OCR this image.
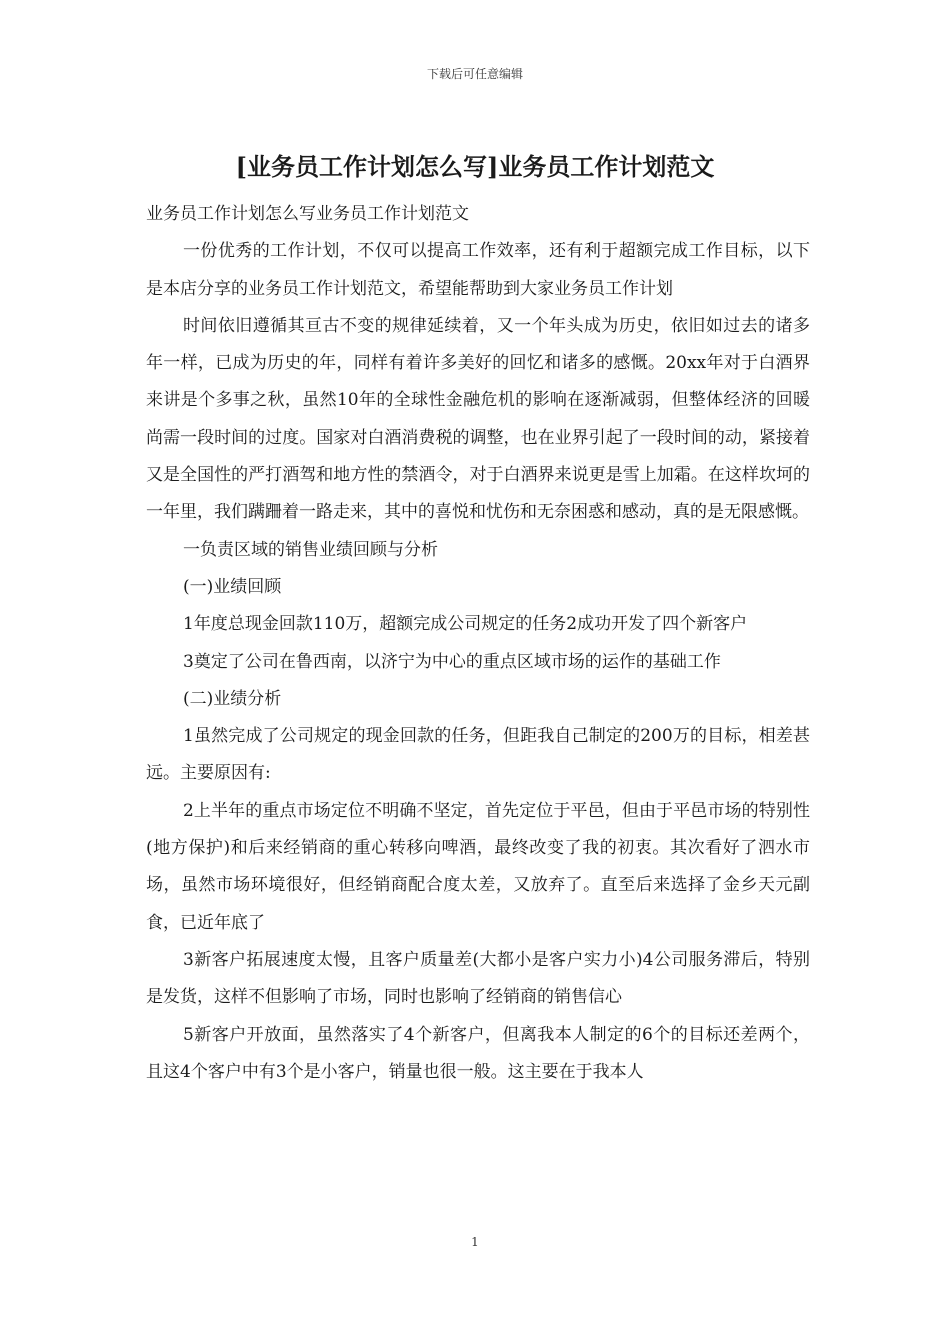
下载后可任意编辑
[业务员工作计划怎么写]业务员工作计划范文

业务员工作计划怎么写业务员工作计划范文

一份优秀的工作计划，不仅可以提高工作效率，还有利于超额完成工作目标，以下是本店分享的业务员工作计划范文，希望能帮助到大家业务员工作计划

时间依旧遵循其亘古不变的规律延续着，又一个年头成为历史，依旧如过去的诸多年一样，已成为历史的年，同样有着许多美好的回忆和诸多的感慨。20xx年对于白酒界来讲是个多事之秋，虽然10年的全球性金融危机的影响在逐渐减弱，但整体经济的回暖尚需一段时间的过度。国家对白酒消费税的调整，也在业界引起了一段时间的动，紧接着又是全国性的严打酒驾和地方性的禁酒令，对于白酒界来说更是雪上加霜。在这样坎坷的一年里，我们蹒跚着一路走来，其中的喜悦和忧伤和无奈困惑和感动，真的是无限感慨。

一负责区域的销售业绩回顾与分析

(一)业绩回顾

1年度总现金回款110万，超额完成公司规定的任务2成功开发了四个新客户

3奠定了公司在鲁西南，以济宁为中心的重点区域市场的运作的基础工作

(二)业绩分析

1虽然完成了公司规定的现金回款的任务，但距我自己制定的200万的目标，相差甚远。主要原因有:

2上半年的重点市场定位不明确不坚定，首先定位于平邑，但由于平邑市场的特别性(地方保护)和后来经销商的重心转移向啤酒，最终改变了我的初衷。其次看好了泗水市场，虽然市场环境很好，但经销商配合度太差，又放弃了。直至后来选择了金乡天元副食，已近年底了

3新客户拓展速度太慢，且客户质量差(大都小是客户实力小)4公司服务滞后，特别是发货，这样不但影响了市场，同时也影响了经销商的销售信心

5新客户开放面，虽然落实了4个新客户，但离我本人制定的6个的目标还差两个，且这4个客户中有3个是小客户，销量也很一般。这主要在于我本人

1
